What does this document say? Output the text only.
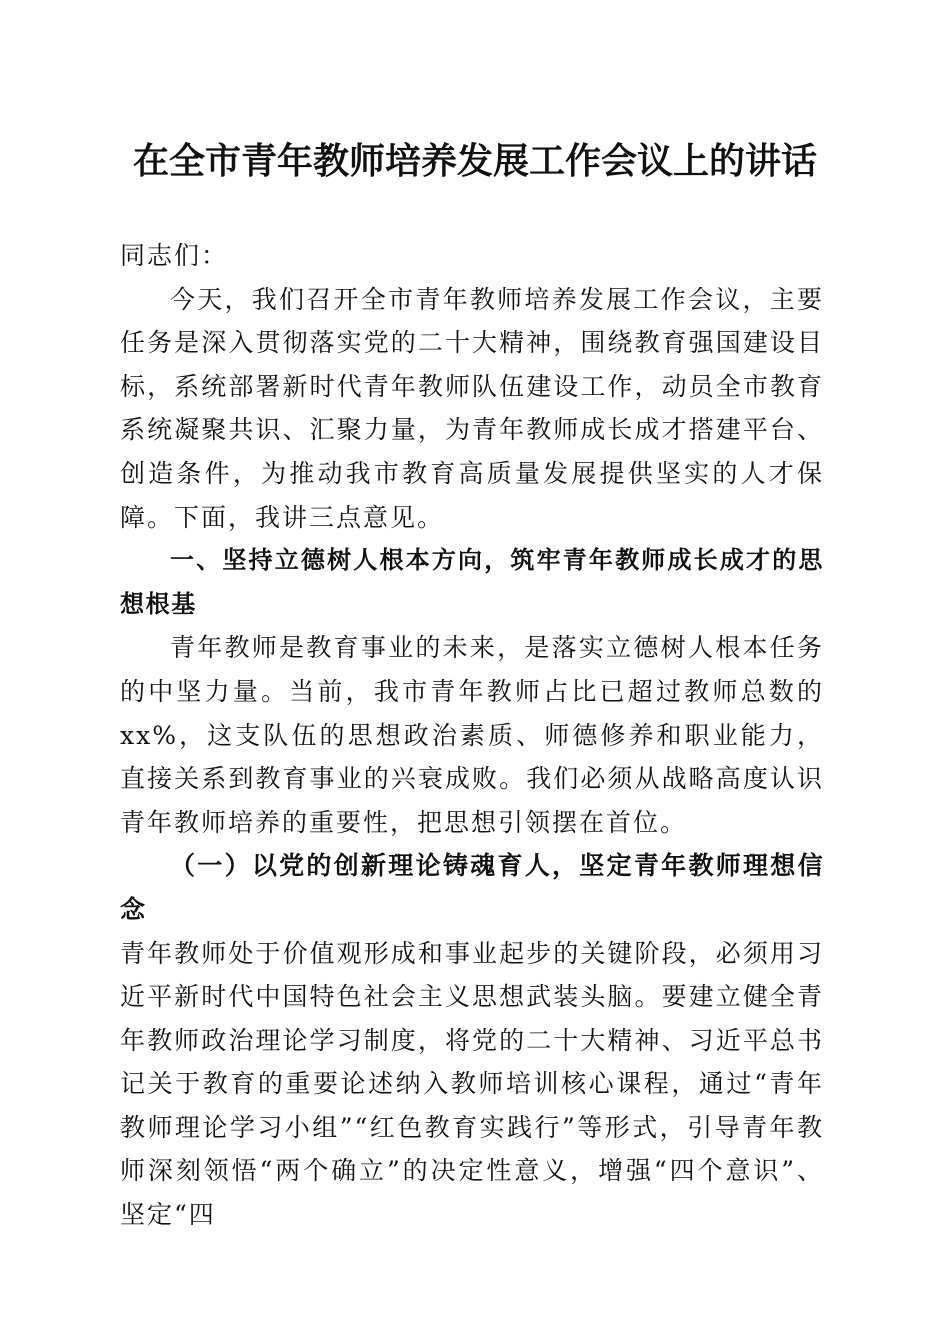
在全市青年教师培养发展工作会议上的讲话

同志们：

今天，我们召开全市青年教师培养发展工作会议，主要任务是深入贯彻落实党的二十大精神，围绕教育强国建设目标，系统部署新时代青年教师队伍建设工作，动员全市教育系统凝聚共识、汇聚力量，为青年教师成长成才搭建平台、创造条件，为推动我市教育高质量发展提供坚实的人才保障。下面，我讲三点意见。

一、坚持立德树人根本方向，筑牢青年教师成长成才的思想根基

青年教师是教育事业的未来，是落实立德树人根本任务的中坚力量。当前，我市青年教师占比已超过教师总数的xx%，这支队伍的思想政治素质、师德修养和职业能力，直接关系到教育事业的兴衰成败。我们必须从战略高度认识青年教师培养的重要性，把思想引领摆在首位。

（一）以党的创新理论铸魂育人，坚定青年教师理想信念

青年教师处于价值观形成和事业起步的关键阶段，必须用习近平新时代中国特色社会主义思想武装头脑。要建立健全青年教师政治理论学习制度，将党的二十大精神、习近平总书记关于教育的重要论述纳入教师培训核心课程，通过“青年教师理论学习小组”“红色教育实践行”等形式，引导青年教师深刻领悟“两个确立”的决定性意义，增强“四个意识”、坚定“四
